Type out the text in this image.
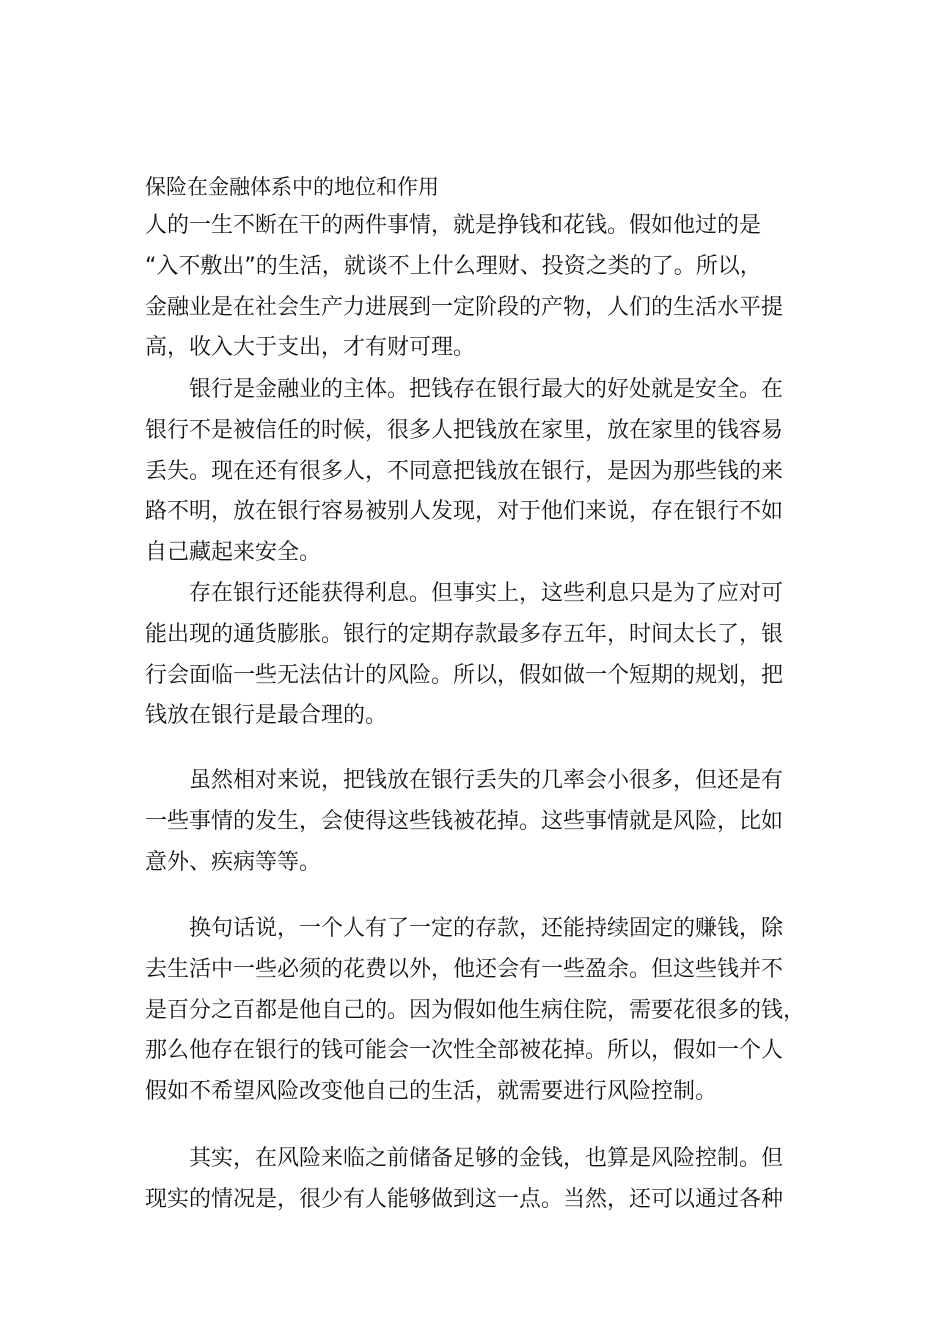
保险在金融体系中的地位和作用
人的一生不断在干的两件事情，就是挣钱和花钱。假如他过的是
“入不敷出”的生活，就谈不上什么理财、投资之类的了。所以，
金融业是在社会生产力进展到一定阶段的产物，人们的生活水平提
高，收入大于支出，才有财可理。
银行是金融业的主体。把钱存在银行最大的好处就是安全。在
银行不是被信任的时候，很多人把钱放在家里，放在家里的钱容易
丢失。现在还有很多人，不同意把钱放在银行，是因为那些钱的来
路不明，放在银行容易被别人发现，对于他们来说，存在银行不如
自己藏起来安全。
存在银行还能获得利息。但事实上，这些利息只是为了应对可
能出现的通货膨胀。银行的定期存款最多存五年，时间太长了，银
行会面临一些无法估计的风险。所以，假如做一个短期的规划，把
钱放在银行是最合理的。
虽然相对来说，把钱放在银行丢失的几率会小很多，但还是有
一些事情的发生，会使得这些钱被花掉。这些事情就是风险，比如
意外、疾病等等。
换句话说，一个人有了一定的存款，还能持续固定的赚钱，除
去生活中一些必须的花费以外，他还会有一些盈余。但这些钱并不
是百分之百都是他自己的。因为假如他生病住院，需要花很多的钱，
那么他存在银行的钱可能会一次性全部被花掉。所以，假如一个人
假如不希望风险改变他自己的生活，就需要进行风险控制。
其实，在风险来临之前储备足够的金钱，也算是风险控制。但
现实的情况是，很少有人能够做到这一点。当然，还可以通过各种
